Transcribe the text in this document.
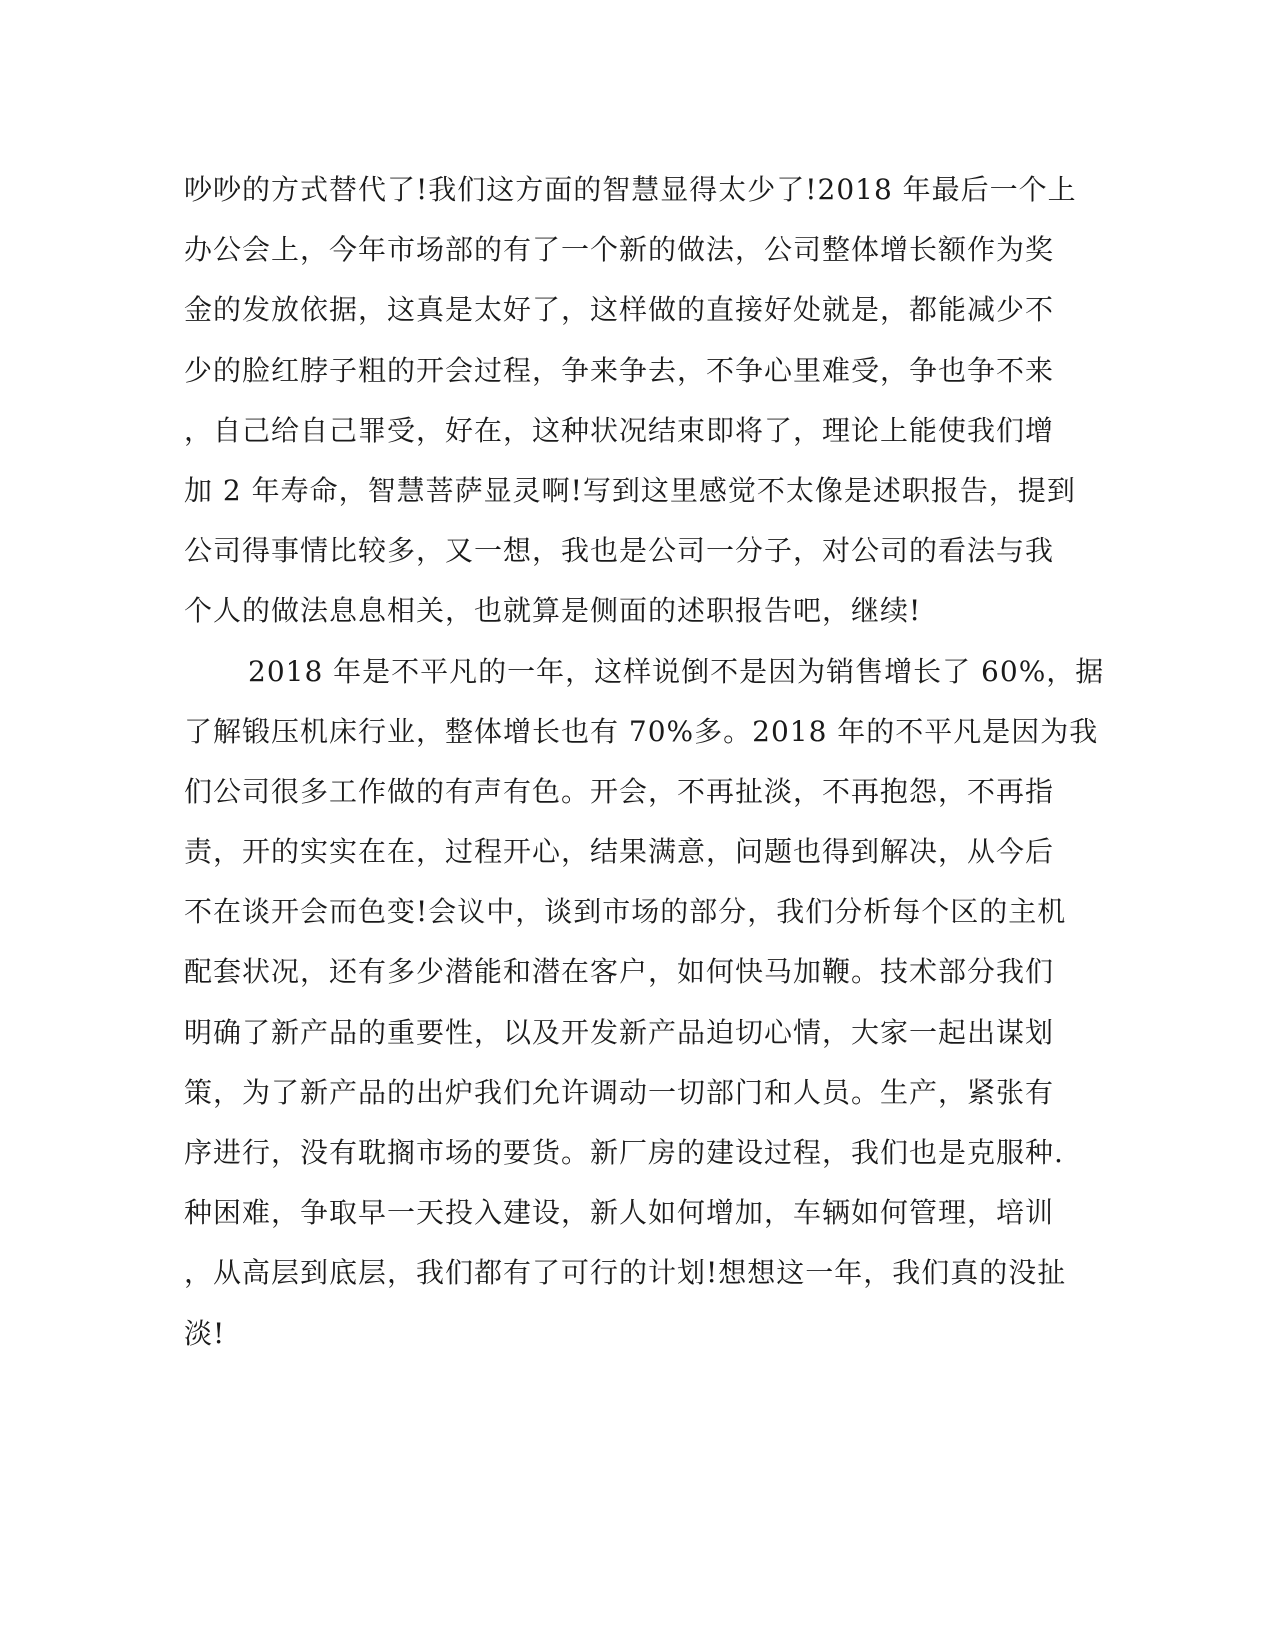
吵吵的方式替代了!我们这方面的智慧显得太少了!2018 年最后一个上
办公会上，今年市场部的有了一个新的做法，公司整体增长额作为奖
金的发放依据，这真是太好了，这样做的直接好处就是，都能减少不
少的脸红脖子粗的开会过程，争来争去，不争心里难受，争也争不来
，自己给自己罪受，好在，这种状况结束即将了，理论上能使我们增
加 2 年寿命，智慧菩萨显灵啊!写到这里感觉不太像是述职报告，提到
公司得事情比较多，又一想，我也是公司一分子，对公司的看法与我
个人的做法息息相关，也就算是侧面的述职报告吧，继续!
2018 年是不平凡的一年，这样说倒不是因为销售增长了 60%，据
了解锻压机床行业，整体增长也有 70%多。2018 年的不平凡是因为我
们公司很多工作做的有声有色。开会，不再扯淡，不再抱怨，不再指
责，开的实实在在，过程开心，结果满意，问题也得到解决，从今后
不在谈开会而色变!会议中，谈到市场的部分，我们分析每个区的主机
配套状况，还有多少潜能和潜在客户，如何快马加鞭。技术部分我们
明确了新产品的重要性，以及开发新产品迫切心情，大家一起出谋划
策，为了新产品的出炉我们允许调动一切部门和人员。生产，紧张有
序进行，没有耽搁市场的要货。新厂房的建设过程，我们也是克服种.
种困难，争取早一天投入建设，新人如何增加，车辆如何管理，培训
，从高层到底层，我们都有了可行的计划!想想这一年，我们真的没扯
淡!
